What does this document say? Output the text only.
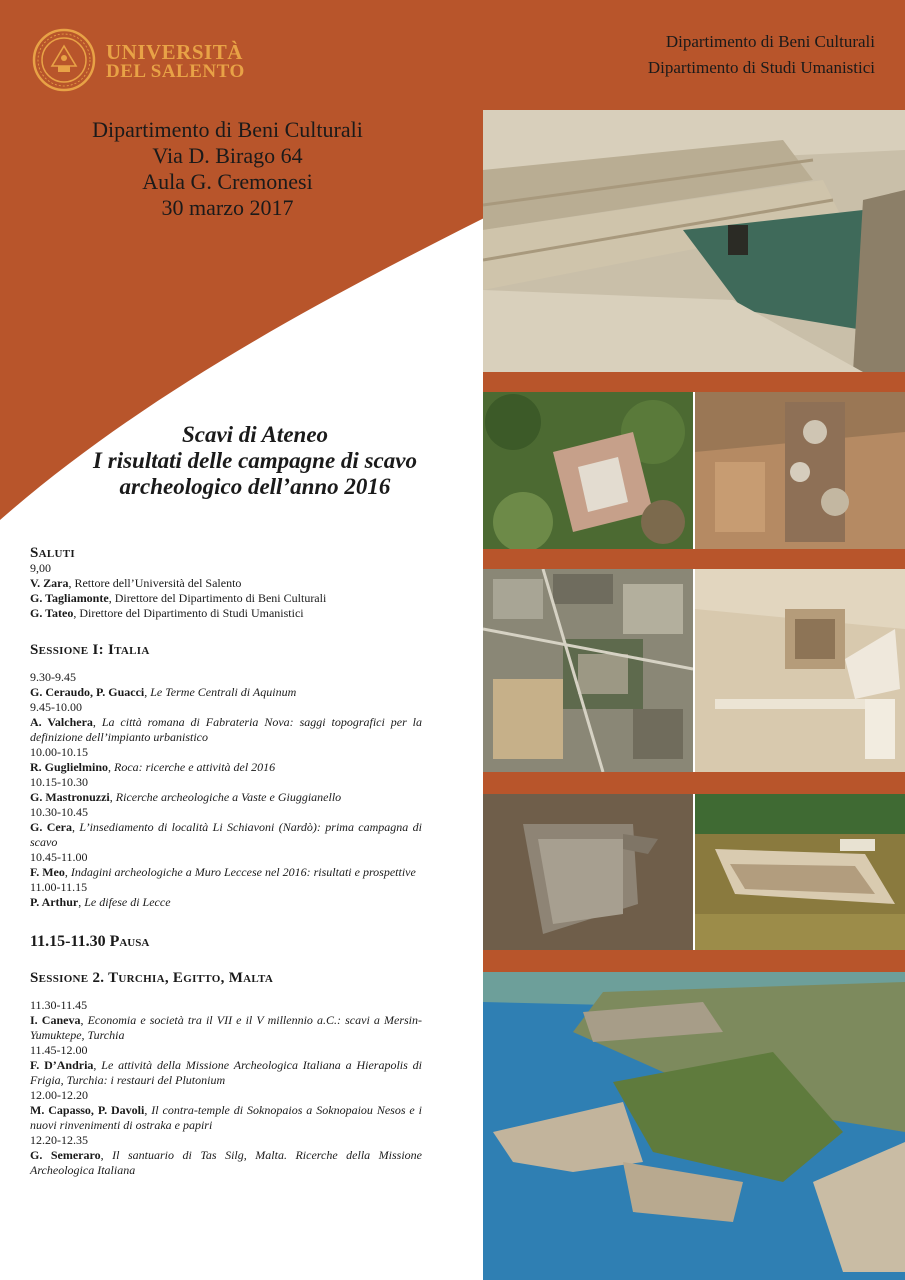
UNIVERSITÀ
DEL SALENTO
Dipartimento di Beni Culturali
Dipartimento di Studi Umanistici
Dipartimento di Beni Culturali
Via D. Birago 64
Aula G. Cremonesi
30 marzo 2017
Scavi di Ateneo
I risultati delle campagne di scavo
archeologico dell’anno 2016
Saluti
9,00
V. Zara, Rettore dell’Università del Salento
G. Tagliamonte, Direttore del Dipartimento di Beni Culturali
G. Tateo, Direttore del Dipartimento di Studi Umanistici
Sessione I: Italia
9.30-9.45
G. Ceraudo, P. Guacci, Le Terme Centrali di Aquinum
9.45-10.00
A. Valchera, La città romana di Fabrateria Nova: saggi topografici per la definizione dell’impianto urbanistico
10.00-10.15
R. Guglielmino, Roca: ricerche e attività del 2016
10.15-10.30
G. Mastronuzzi, Ricerche archeologiche a Vaste e Giuggianello
10.30-10.45
G. Cera, L’insediamento di località Li Schiavoni (Nardò): prima campagna di scavo
10.45-11.00
F. Meo, Indagini archeologiche a Muro Leccese nel 2016: risultati e prospettive
11.00-11.15
P. Arthur, Le difese di Lecce
11.15-11.30 Pausa
Sessione 2. Turchia, Egitto, Malta
11.30-11.45
I. Caneva, Economia e società tra il VII e il V millennio a.C.: scavi a Mersin-Yumuktepe, Turchia
11.45-12.00
F. D’Andria, Le attività della Missione Archeologica Italiana a Hierapolis di Frigia, Turchia: i restauri del Plutonium
12.00-12.20
M. Capasso, P. Davoli, Il contra-temple di Soknopaios a Soknopaiou Nesos e i nuovi rinvenimenti di ostraka e papiri
12.20-12.35
G. Semeraro, Il santuario di Tas Silg, Malta. Ricerche della Missione Archeologica Italiana
